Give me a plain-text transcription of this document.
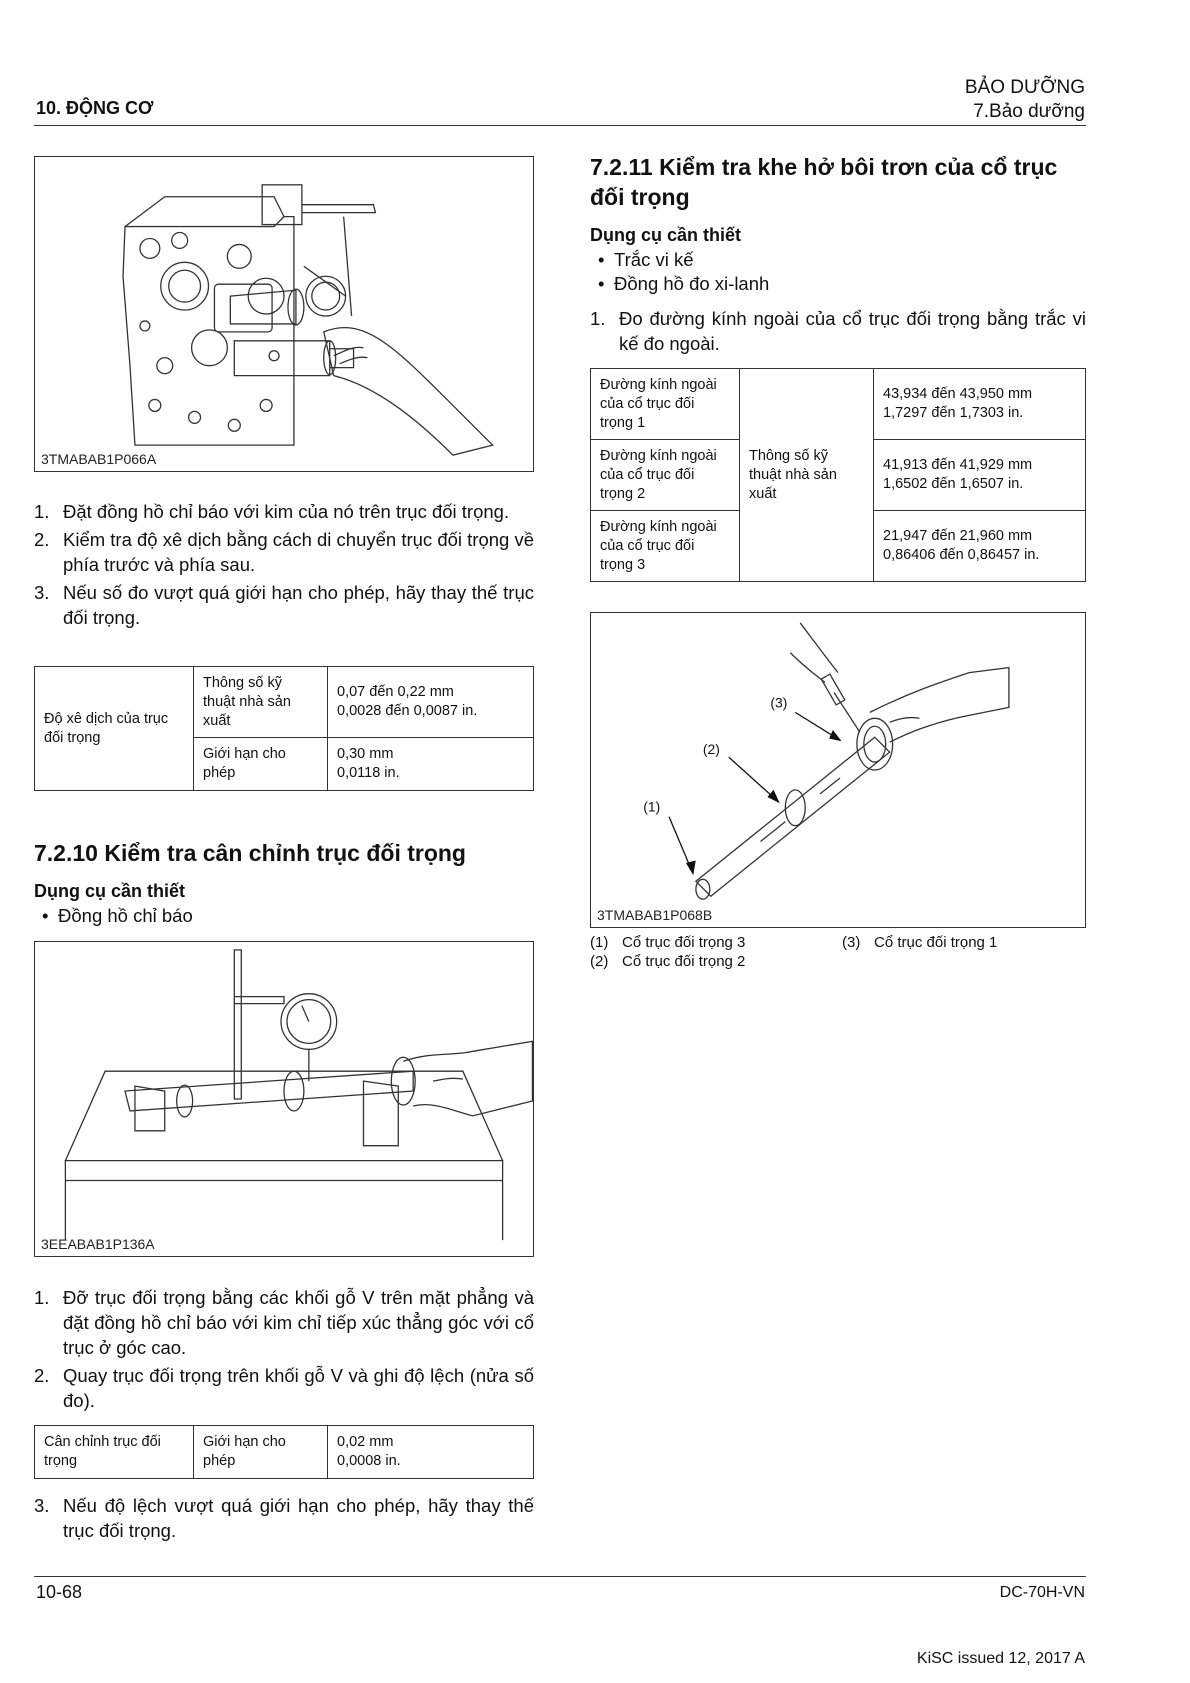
10. ĐỘNG CƠ
BẢO DƯỠNG
7.Bảo dưỡng
3TMABAB1P066A
1. Đặt đồng hồ chỉ báo với kim của nó trên trục đối trọng.
2. Kiểm tra độ xê dịch bằng cách di chuyển trục đối trọng về phía trước và phía sau.
3. Nếu số đo vượt quá giới hạn cho phép, hãy thay thế trục đối trọng.
Độ xê dịch của trục đối trọng	Thông số kỹ thuật nhà sản xuất	0,07 đến 0,22 mm
0,0028 đến 0,0087 in.
	Giới hạn cho phép	0,30 mm
0,0118 in.
7.2.10 Kiểm tra cân chỉnh trục đối trọng
Dụng cụ cần thiết
• Đồng hồ chỉ báo
3EEABAB1P136A
1. Đỡ trục đối trọng bằng các khối gỗ V trên mặt phẳng và đặt đồng hồ chỉ báo với kim chỉ tiếp xúc thẳng góc với cổ trục ở góc cao.
2. Quay trục đối trọng trên khối gỗ V và ghi độ lệch (nửa số đo).
Cân chỉnh trục đối trọng	Giới hạn cho phép	0,02 mm
0,0008 in.
3. Nếu độ lệch vượt quá giới hạn cho phép, hãy thay thế trục đối trọng.
7.2.11 Kiểm tra khe hở bôi trơn của cổ trục đối trọng
Dụng cụ cần thiết
• Trắc vi kế
• Đồng hồ đo xi-lanh
1. Đo đường kính ngoài của cổ trục đối trọng bằng trắc vi kế đo ngoài.
Đường kính ngoài của cổ trục đối trọng 1	Thông số kỹ thuật nhà sản xuất	43,934 đến 43,950 mm
1,7297 đến 1,7303 in.
Đường kính ngoài của cổ trục đối trọng 2		41,913 đến 41,929 mm
1,6502 đến 1,6507 in.
Đường kính ngoài của cổ trục đối trọng 3		21,947 đến 21,960 mm
0,86406 đến 0,86457 in.
(1)
(2)
(3)
3TMABAB1P068B
(1) Cổ trục đối trọng 3	(3) Cổ trục đối trọng 1
(2) Cổ trục đối trọng 2
10-68	DC-70H-VN
KiSC issued 12, 2017 A
